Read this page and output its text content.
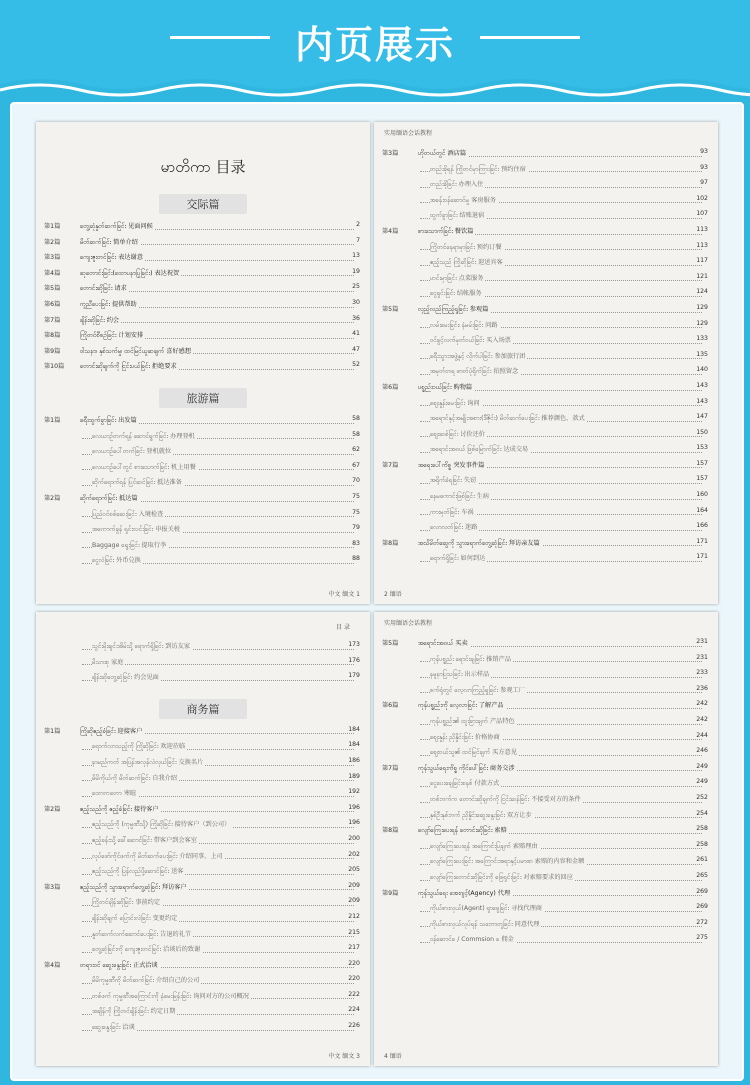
内页展示
မာတိကာ 目录
交际篇
第1篇	တွေ့ဆုံနှုတ်ဆက်ခြင်း 见面问候	2
第2篇	မိတ်ဆက်ခြင်း 简单介绍	7
第3篇	ကျေးဇူးတင်ခြင်း 表达谢意	13
第4篇	ဆုတောင်းခြင်း(ထောပနာပြုခြင်း) 表达祝贺	19
第5篇	တောင်းဆိုခြင်း 请求	25
第6篇	ကူညီပေးခြင်း 提供帮助	30
第7篇	ချိန်းဆိုခြင်း 约会	36
第8篇	ကြိုတင်စီစဉ်ခြင်း 计划安排	41
第9篇	ဝါသနာ၊ နှစ်သက်မှု၊ ထင်မြင်ယူဆချက် 喜好感想	47
第10篇	တောင်းဆိုချက်ကို ငြင်းပယ်ခြင်း 拒绝要求	52
旅游篇
第1篇	ခရီးထွက်ခွာခြင်း 出发篇	58
လေယာဉ်တက်ရန် ဆောင်ရွက်ခြင်း 办理登机	58
လေယာဉ်ပေါ်တက်ခြင်း 登机就位	62
လေယာဉ်ပေါ်တွင် စားသောက်ခြင်း 机上用餐	67
ဆိုက်ရောက်ရန် ပြင်ဆင်ခြင်း 抵达准备	70
第2篇	ဆိုက်ရောက်ခြင်း 抵达篇	75
ပြည်ဝင်စစ်ဆေးခြင်း 入境检查	75
အကောက်ခွန် ရှင်းလင်းခြင်း 申报关税	79
Baggage ရွေးခြင်း 提取行李	83
ငွေလဲခြင်း 外币兑换	88
中文 缅文 1
实用缅语会话教程
第3篇	ဟိုတယ်တွင် 酒店篇	93
တည်းခိုရန် ကြိုတင်မှာကြားခြင်း 预约住宿	93
တည်းခိုခြင်း 办理入住	97
အခန်းဝန်ဆောင်မှု 客房服务	102
ထွက်ခွာခြင်း 结账退宿	107
第4篇	စားသောက်ခြင်း 餐饮篇	113
ကြိုတင်နေရာမှာခြင်း 预约订餐	113
ဧည့်သည် ကြိုဆိုခြင်း 迎送宾客	117
ဟင်းမှာခြင်း 点菜服务	121
ငွေရှင်းခြင်း 结帐服务	124
第5篇	လှည့်လည်ကြည့်ရှုခြင်း 参观篇	129
လမ်းမေးခြင်း၊ နံမမ်းခြင်း 问路	129
ဝင်ခွင့်လက်မှတ်ဝယ်ခြင်း 买入场票	133
ခရီးသွားအဖွဲ့နှင့် လိုက်ပါခြင်း 参加旅行团	135
အမှတ်တရ ဓာတ်ပုံရိုက်ခြင်း 拍照留念	140
第6篇	ပစ္စည်းဝယ်ခြင်း 购物篇	143
ဈေးနှုန်းမေးခြင်း 询问	143
အရောင်နှင့်အမျိုးအစား(ဒီဇိုင်း) မိတ်ဆက်ပေးခြင်း 推荐颜色、款式	147
ဈေးဆစ်ခြင်း 讨价还价	150
အရောင်းအဝယ် ဖြစ်မြောက်ခြင်း 达成交易	153
第7篇	အရေးပေါ်ကိစ္စ 突发事件篇	157
အရိုက်ခံရခြင်း 失窃	157
နေမကောင်းဖြစ်ခြင်း 生病	160
ကားမှတ်ခြင်း 车祸	164
လောလတ်ခြင်း 迷路	166
第8篇	အသိမိတ်ဆွေကို သွားရောက်တွေ့ဆုံခြင်း 拜访亲友篇	171
ရောက်ရှိခြင်း 如何到达	171
2 缅语
目 录
သွင်းမိုးချင်းအိမ်သို့ ရောက်ရှိခြင်း 到访友家	173
မိသားစု 家庭	176
ချိန်းဆိုတွေ့ဆုံခြင်း 约会见面	179
商务篇
第1篇	ကြိုဆိုဧည့်ခံခြင်း 迎接客户	184
ရောက်လာသည့်ကို ကြိုဆိုခြင်း 欢迎莅临	184
နာမည်ကတ် အပြန်အလှန်လဲလှယ်ခြင်း 交换名片	186
မိမိကိုယ်ကို မိတ်ဆက်ခြင်း 自我介绍	189
ထောကတော 寒暄	192
第2篇	ဧည့်သည်ကို ဧည့်ခံခြင်း 接待客户	196
ဧည့်သည်ကို (ကုမ္ပဏီသို့) ကြိုဆိုခြင်း 接待客户（到公司）	196
ဧည့်ခန်းသို့ ခေါ်ဆောင်ခြင်း 带客户到会客室	200
လုပ်ဖော်ကိုင်ဖက်ကို မိတ်ဆက်ပေးခြင်း 介绍同事，上司	202
ဧည့်သည်ကို ပြန်လည်ပို့ဆောင်ခြင်း 送客	205
第3篇	ဧည့်သည်ကို သွားရောက်တွေ့ဆုံခြင်း 拜访客户	209
ကြိုတင်ချိန်းဆိုခြင်း 事前约定	209
ချိန်းဆိုချက် ပြောင်းလဲခြင်း 变更约定	212
နှုတ်ဆက်လက်ဆောင်ပေးခြင်း 告退的礼节	215
တွေ့ဆုံခြင်းကို ကျေးဇူးတင်ခြင်း 洽谈后的致谢	217
第4篇	တရားဝင် ဆွေးနွေးခြင်း 正式洽谈	220
မိမိကုမ္ပဏီကို မိတ်ဆက်ခြင်း 介绍自己的公司	220
တစ်ဖက် ကုမ္ပဏီအကြောင်းကို နံမေးမြန်းခြင်း 询问对方的公司概况	222
အချိန်ကို ကြိုတင်ချိန်းခြင်း 约定日期	224
ဆွေးနွေးခြင်း 洽谈	226
中文 缅文 3
实用缅语会话教程
第5篇	အရောင်းအဝယ် 买卖	231
ကုန်ပစ္စည်း ရောင်းချခြင်း 推销产品	231
နမူနာပြသခြင်း 出示样品	233
စက်ရုံတွင် လေ့လာကြည့်ရှုခြင်း 参观工厂	236
第6篇	ကုန်ပစ္စည်းကို လေ့လာခြင်း 了解产品	242
ကုန်ပစ္စည်း၏ ထူးခြားချက် 产品特色	242
ဈေးနှုန်း ညှိနှိုင်းခြင်း 价格协商	244
ဈေးဝယ်သူ၏ ထင်မြင်ချက် 买方意见	246
第7篇	ကုန်သွယ်ရေးကိစ္စ ကိုင်ပေါ်ခြင်း 商务交涉	249
ငွေပေးချေခြင်းစနစ် 付款方式	249
တစ်ဘက်က တောင်းဆိုချက်ကို ငြင်းဆန်ခြင်း 不接受对方的条件	252
နှစ်ဦးနှစ်ဘက် ညှိနှိုင်းဆွေးနွေးခြင်း 双方让步	254
第8篇	လျော်ကြေးပေးရန် တောင်းဆိုခြင်း 索赔	258
လျော်ကြေးပေးရန် အကြောင်းပြချက် 索赔理由	258
လျော်ကြေးပေးခြင်း အကြောင်းအရာနှင့်ပမာဏ 索赔的内容和金额	261
လျော်ကြေးတောင်းဆိုခြင်းကို ဖြေရှင်းခြင်း 对索赔要求的回应	265
第9篇	ကုန်သွယ်ရေး အေးဂျင့်(Agency) 代理	269
ကိုယ်စားလှယ်(Agent) ရှာဖွေခြင်း 寻找代理商	269
ကိုယ်စားလှယ်လုပ်ရန် သဘောတူခြင်း 同意代理	272
ဝန်ဆောင်ခ / Commsion ခ 佣金	275
4 缅语
